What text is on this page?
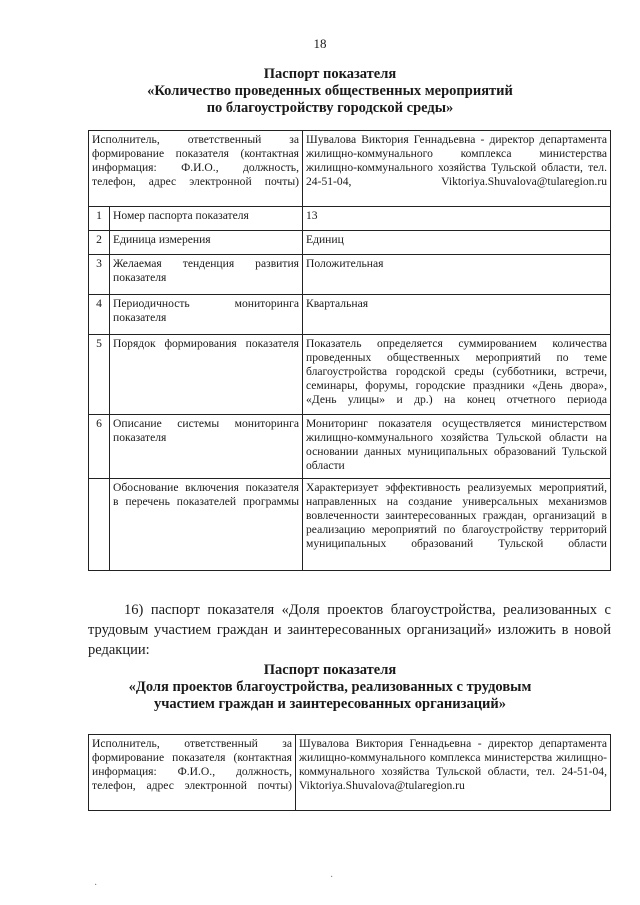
18
Паспорт показателя
«Количество проведенных общественных мероприятий
по благоустройству городской среды»
Исполнитель, ответственный за формирование показателя (контактная информация: Ф.И.О., должность, телефон, адрес электронной почты)		Шувалова Виктория Геннадьевна - директор департамента жилищно-коммунального комплекса министерства жилищно-коммунального хозяйства Тульской области, тел. 24-51-04, Viktoriya.Shuvalova@tularegion.ru
1	Номер паспорта показателя	13
2	Единица измерения	Единиц
3	Желаемая тенденция развития показателя	Положительная
4	Периодичность мониторинга показателя	Квартальная
5	Порядок формирования показателя	Показатель определяется суммированием количества проведенных общественных мероприятий по теме благоустройства городской среды (субботники, встречи, семинары, форумы, городские праздники «День двора», «День улицы» и др.) на конец отчетного периода
6	Описание системы мониторинга показателя	Мониторинг показателя осуществляется министерством жилищно-коммунального хозяйства Тульской области на основании данных муниципальных образований Тульской области
	Обоснование включения показателя в перечень показателей программы	Характеризует эффективность реализуемых мероприятий, направленных на создание универсальных механизмов вовлеченности заинтересованных граждан, организаций в реализацию мероприятий по благоустройству территорий муниципальных образований Тульской области
16) паспорт показателя «Доля проектов благоустройства, реализованных с трудовым участием граждан и заинтересованных организаций» изложить в новой редакции:
Паспорт показателя
«Доля проектов благоустройства, реализованных с трудовым
участием граждан и заинтересованных организаций»
Исполнитель, ответственный за формирование показателя (контактная информация: Ф.И.О., должность, телефон, адрес электронной почты)	Шувалова Виктория Геннадьевна - директор департамента жилищно-коммунального комплекса министерства жилищно-коммунального хозяйства Тульской области, тел. 24-51-04, Viktoriya.Shuvalova@tularegion.ru
·
·
